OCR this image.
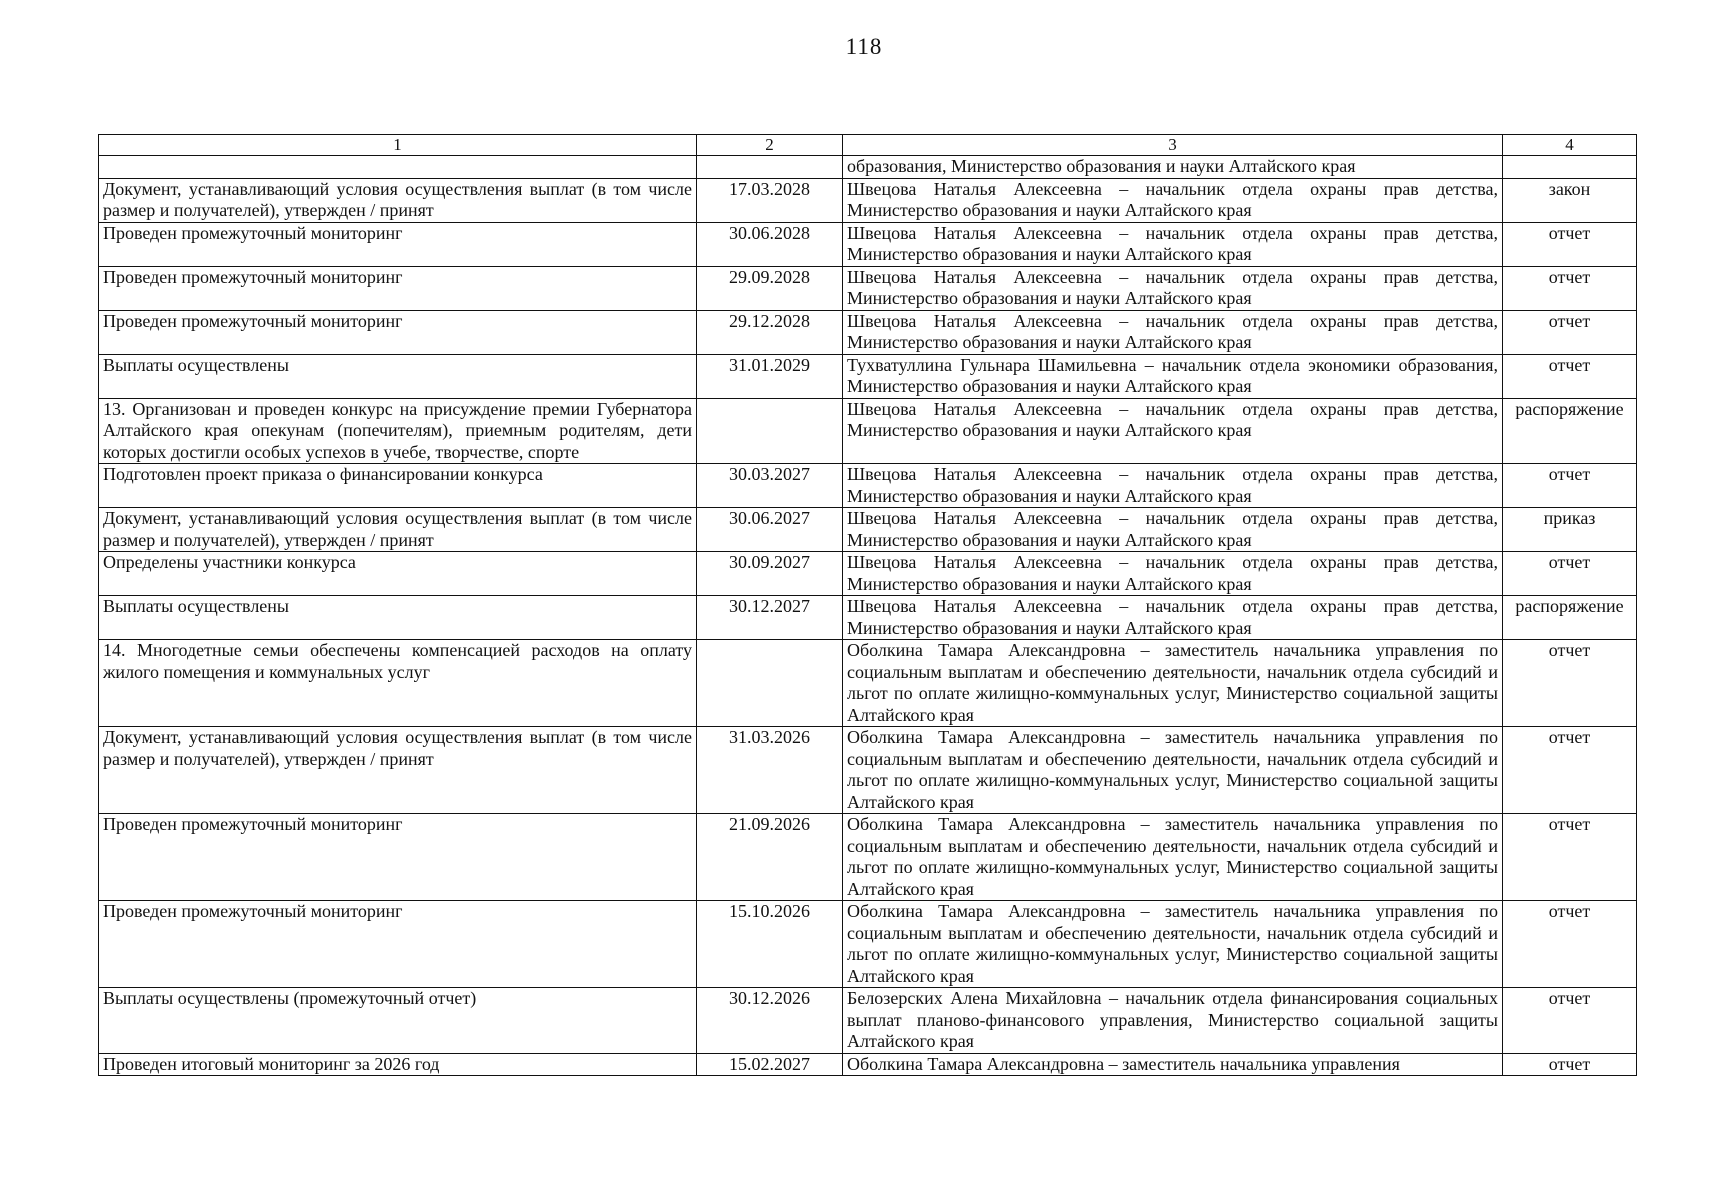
118
1	2	3	4
		образования, Министерство образования и науки Алтайского края	
Документ, устанавливающий условия осуществления выплат (в том числе размер и получателей), утвержден / принят	17.03.2028	Швецова Наталья Алексеевна – начальник отдела охраны прав детства, Министерство образования и науки Алтайского края	закон
Проведен промежуточный мониторинг	30.06.2028	Швецова Наталья Алексеевна – начальник отдела охраны прав детства, Министерство образования и науки Алтайского края	отчет
Проведен промежуточный мониторинг	29.09.2028	Швецова Наталья Алексеевна – начальник отдела охраны прав детства, Министерство образования и науки Алтайского края	отчет
Проведен промежуточный мониторинг	29.12.2028	Швецова Наталья Алексеевна – начальник отдела охраны прав детства, Министерство образования и науки Алтайского края	отчет
Выплаты осуществлены	31.01.2029	Тухватуллина Гульнара Шамильевна – начальник отдела экономики образования, Министерство образования и науки Алтайского края	отчет
13. Организован и проведен конкурс на присуждение премии Губернатора Алтайского края опекунам (попечителям), приемным родителям, дети которых достигли особых успехов в учебе, творчестве, спорте		Швецова Наталья Алексеевна – начальник отдела охраны прав детства, Министерство образования и науки Алтайского края	распоряжение
Подготовлен проект приказа о финансировании конкурса	30.03.2027	Швецова Наталья Алексеевна – начальник отдела охраны прав детства, Министерство образования и науки Алтайского края	отчет
Документ, устанавливающий условия осуществления выплат (в том числе размер и получателей), утвержден / принят	30.06.2027	Швецова Наталья Алексеевна – начальник отдела охраны прав детства, Министерство образования и науки Алтайского края	приказ
Определены участники конкурса	30.09.2027	Швецова Наталья Алексеевна – начальник отдела охраны прав детства, Министерство образования и науки Алтайского края	отчет
Выплаты осуществлены	30.12.2027	Швецова Наталья Алексеевна – начальник отдела охраны прав детства, Министерство образования и науки Алтайского края	распоряжение
14. Многодетные семьи обеспечены компенсацией расходов на оплату жилого помещения и коммунальных услуг		Оболкина Тамара Александровна – заместитель начальника управления по социальным выплатам и обеспечению деятельности, начальник отдела субсидий и льгот по оплате жилищно-коммунальных услуг, Министерство социальной защиты Алтайского края	отчет
Документ, устанавливающий условия осуществления выплат (в том числе размер и получателей), утвержден / принят	31.03.2026	Оболкина Тамара Александровна – заместитель начальника управления по социальным выплатам и обеспечению деятельности, начальник отдела субсидий и льгот по оплате жилищно-коммунальных услуг, Министерство социальной защиты Алтайского края	отчет
Проведен промежуточный мониторинг	21.09.2026	Оболкина Тамара Александровна – заместитель начальника управления по социальным выплатам и обеспечению деятельности, начальник отдела субсидий и льгот по оплате жилищно-коммунальных услуг, Министерство социальной защиты Алтайского края	отчет
Проведен промежуточный мониторинг	15.10.2026	Оболкина Тамара Александровна – заместитель начальника управления по социальным выплатам и обеспечению деятельности, начальник отдела субсидий и льгот по оплате жилищно-коммунальных услуг, Министерство социальной защиты Алтайского края	отчет
Выплаты осуществлены (промежуточный отчет)	30.12.2026	Белозерских Алена Михайловна – начальник отдела финансирования социальных выплат планово-финансового управления, Министерство социальной защиты Алтайского края	отчет
Проведен итоговый мониторинг за 2026 год	15.02.2027	Оболкина Тамара Александровна – заместитель начальника управления	отчет
